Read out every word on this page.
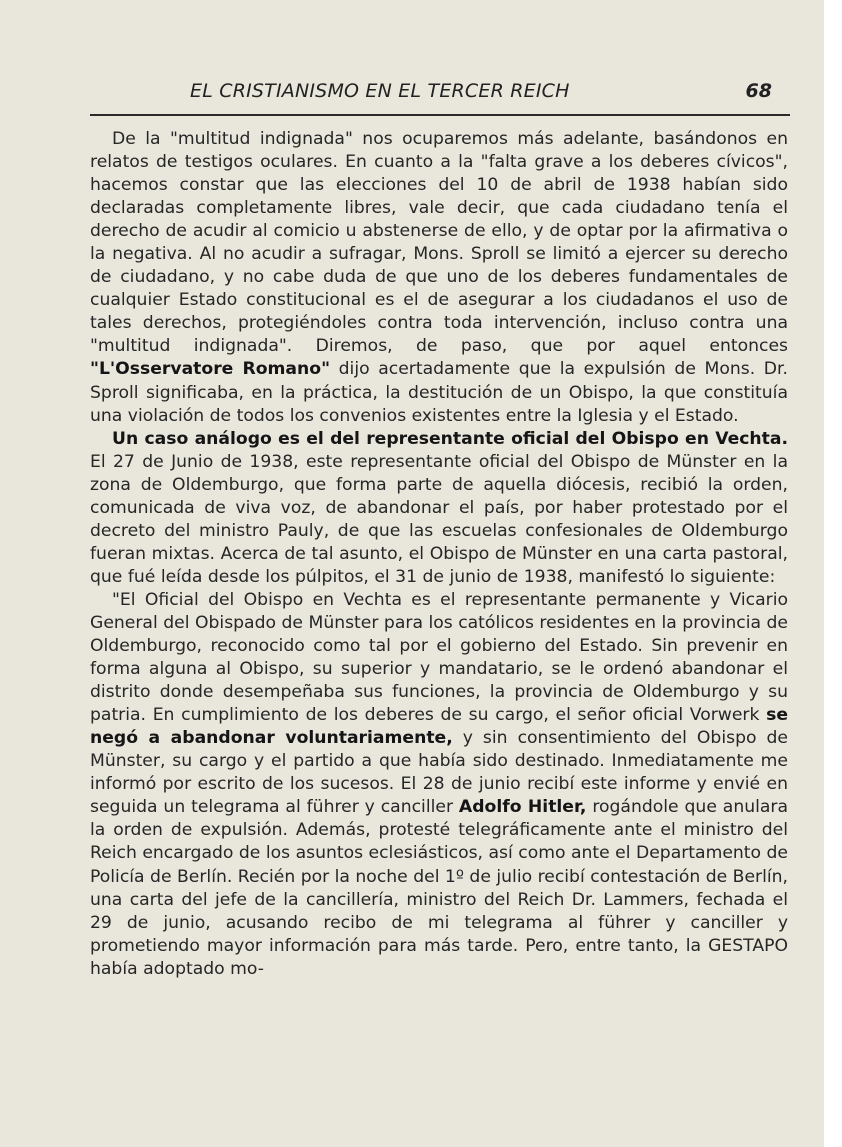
EL CRISTIANISMO EN EL TERCER REICH	68

De la "multitud indignada" nos ocuparemos más adelante, basándonos en relatos de testigos oculares. En cuanto a la "falta grave a los deberes cívicos", hacemos constar que las elecciones del 10 de abril de 1938 habían sido declaradas completamente libres, vale decir, que cada ciudadano tenía el derecho de acudir al comicio u abstenerse de ello, y de optar por la afirmativa o la negativa. Al no acudir a sufragar, Mons. Sproll se limitó a ejercer su derecho de ciudadano, y no cabe duda de que uno de los deberes fundamentales de cualquier Estado constitucional es el de asegurar a los ciudadanos el uso de tales derechos, protegiéndoles contra toda intervención, incluso contra una "multitud indignada". Diremos, de paso, que por aquel entonces "L'Osservatore Romano" dijo acertadamente que la expulsión de Mons. Dr. Sproll significaba, en la práctica, la destitución de un Obispo, la que constituía una violación de todos los convenios existentes entre la Iglesia y el Estado.

Un caso análogo es el del representante oficial del Obispo en Vechta. El 27 de Junio de 1938, este representante oficial del Obispo de Münster en la zona de Oldemburgo, que forma parte de aquella diócesis, recibió la orden, comunicada de viva voz, de abandonar el país, por haber protestado por el decreto del ministro Pauly, de que las escuelas confesionales de Oldemburgo fueran mixtas. Acerca de tal asunto, el Obispo de Münster en una carta pastoral, que fué leída desde los púlpitos, el 31 de junio de 1938, manifestó lo siguiente:

"El Oficial del Obispo en Vechta es el representante permanente y Vicario General del Obispado de Münster para los católicos residentes en la provincia de Oldemburgo, reconocido como tal por el gobierno del Estado. Sin prevenir en forma alguna al Obispo, su superior y mandatario, se le ordenó abandonar el distrito donde desempeñaba sus funciones, la provincia de Oldemburgo y su patria. En cumplimiento de los deberes de su cargo, el señor oficial Vorwerk se negó a abandonar voluntariamente, y sin consentimiento del Obispo de Münster, su cargo y el partido a que había sido destinado. Inmediatamente me informó por escrito de los sucesos. El 28 de junio recibí este informe y envié en seguida un telegrama al führer y canciller Adolfo Hitler, rogándole que anulara la orden de expulsión. Además, protesté telegráficamente ante el ministro del Reich encargado de los asuntos eclesiásticos, así como ante el Departamento de Policía de Berlín. Recién por la noche del 1º de julio recibí contestación de Berlín, una carta del jefe de la cancillería, ministro del Reich Dr. Lammers, fechada el 29 de junio, acusando recibo de mi telegrama al führer y canciller y prometiendo mayor información para más tarde. Pero, entre tanto, la GESTAPO había adoptado mo-
